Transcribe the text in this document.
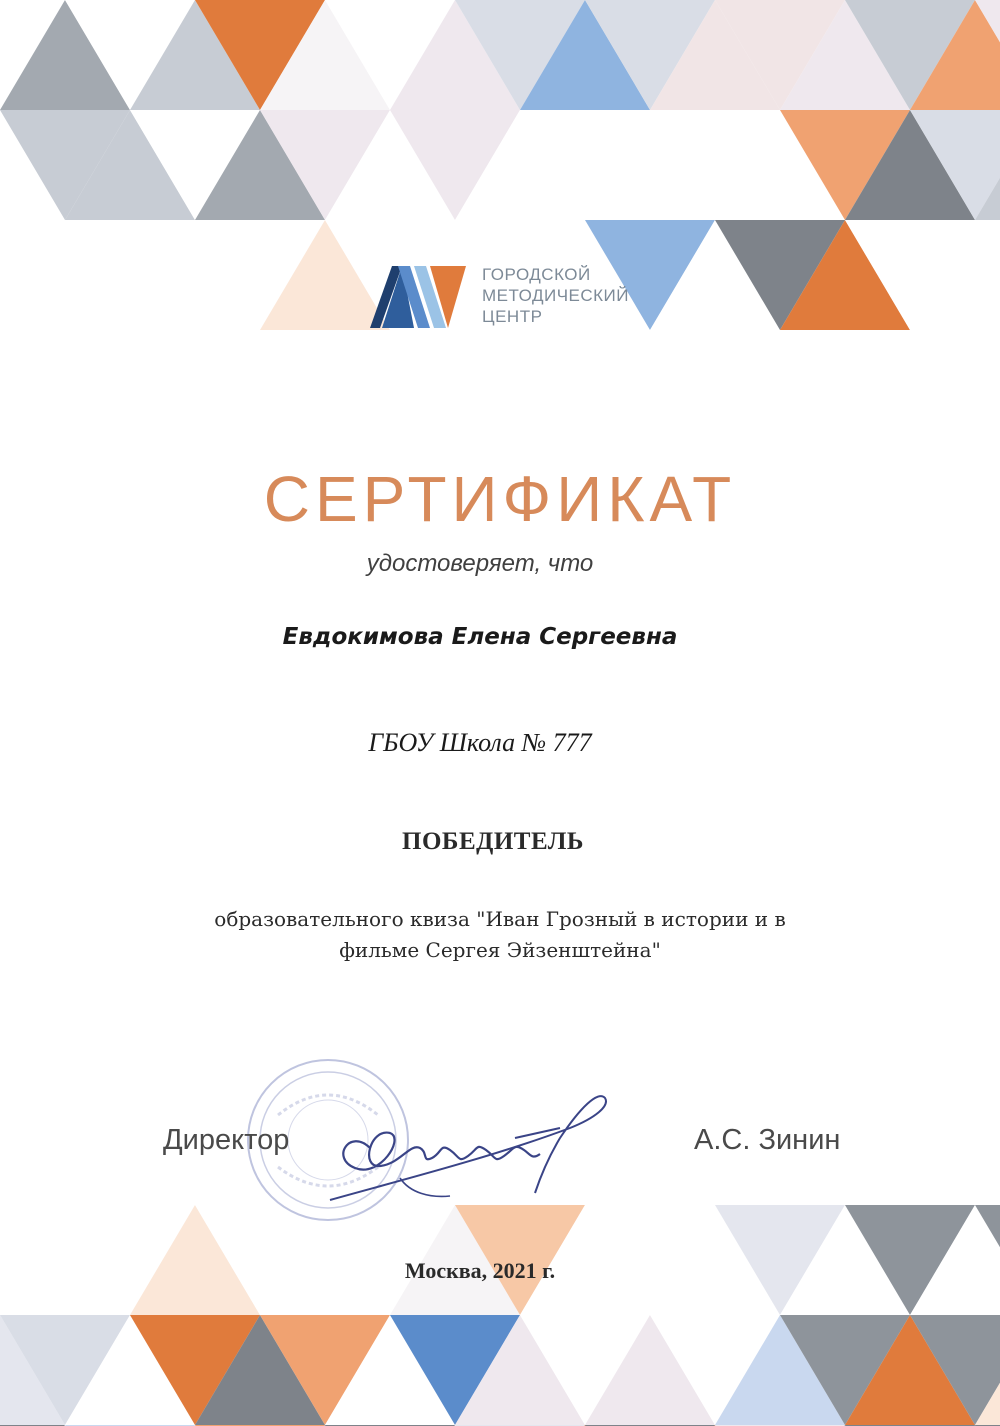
ГОРОДСКОЙ
МЕТОДИЧЕСКИЙ
ЦЕНТР
СЕРТИФИКАТ
удостоверяет, что
Евдокимова Елена Сергеевна
ГБОУ Школа № 777
ПОБЕДИТЕЛЬ
образовательного квиза "Иван Грозный в истории и в фильме Сергея Эйзенштейна"
Директор	А.С. Зинин
Москва, 2021 г.
